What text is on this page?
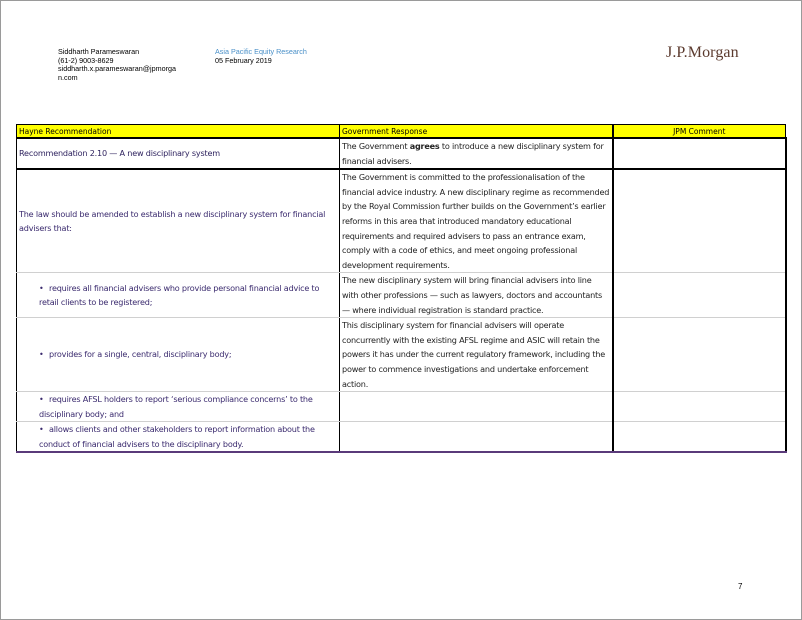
Siddharth Parameswaran
(61-2) 9003-8629
siddharth.x.parameswaran@jpmorgan.com
Asia Pacific Equity Research
05 February 2019	J.P.Morgan
Hayne Recommendation	Government Response	JPM Comment
Recommendation 2.10 — A new disciplinary system	The Government agrees to introduce a new disciplinary system for financial advisers.	
The law should be amended to establish a new disciplinary system for financial advisers that:	The Government is committed to the professionalisation of the financial advice industry. A new disciplinary regime as recommended by the Royal Commission further builds on the Government’s earlier reforms in this area that introduced mandatory educational requirements and required advisers to pass an entrance exam, comply with a code of ethics, and meet ongoing professional development requirements.	
• requires all financial advisers who provide personal financial advice to retail clients to be registered;	The new disciplinary system will bring financial advisers into line with other professions — such as lawyers, doctors and accountants — where individual registration is standard practice.	
• provides for a single, central, disciplinary body;	This disciplinary system for financial advisers will operate concurrently with the existing AFSL regime and ASIC will retain the powers it has under the current regulatory framework, including the power to commence investigations and undertake enforcement action.	
• requires AFSL holders to report ‘serious compliance concerns’ to the disciplinary body; and		
• allows clients and other stakeholders to report information about the conduct of financial advisers to the disciplinary body.		
7
